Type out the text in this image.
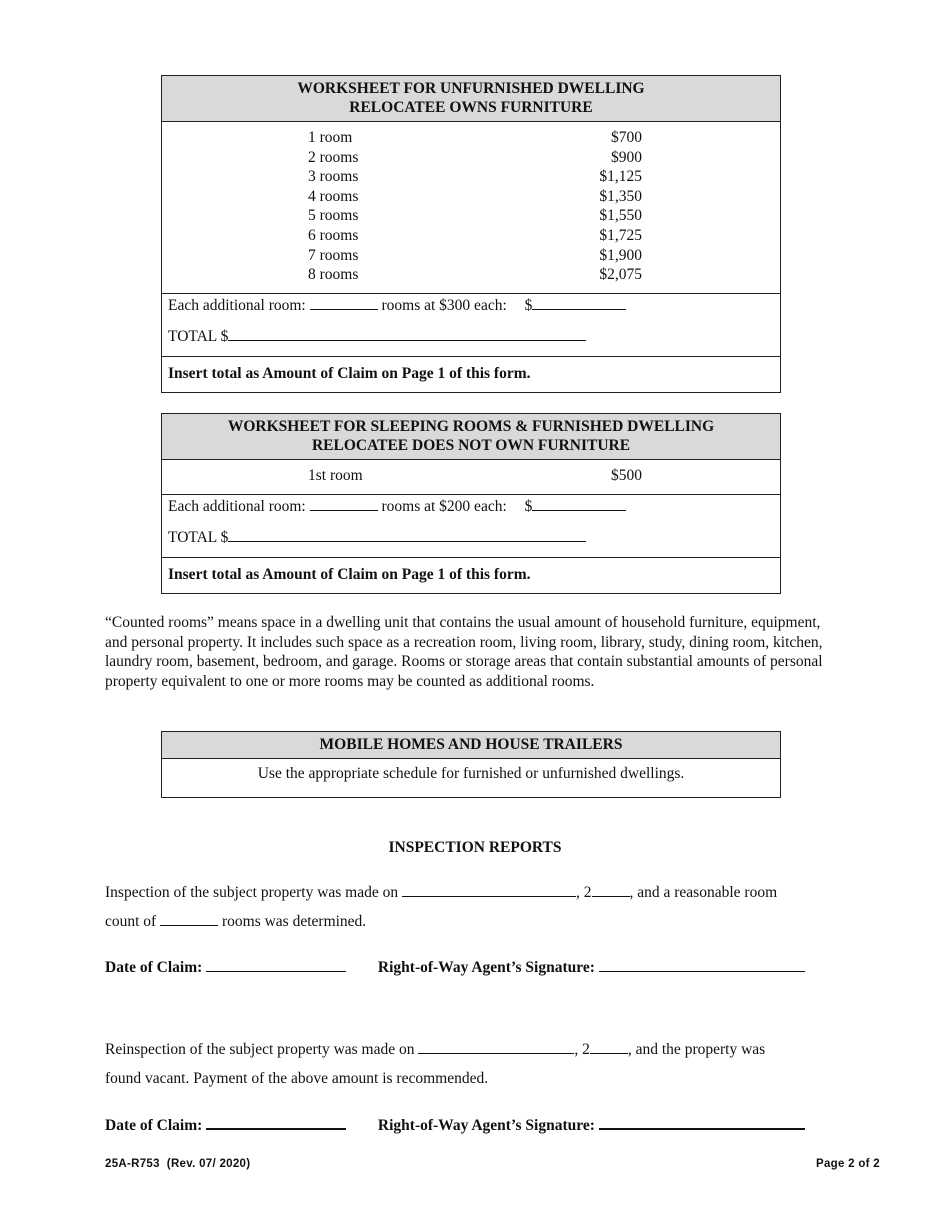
WORKSHEET FOR UNFURNISHED DWELLING
RELOCATEE OWNS FURNITURE
1 room	$700
2 rooms	$900
3 rooms	$1,125
4 rooms	$1,350
5 rooms	$1,550
6 rooms	$1,725
7 rooms	$1,900
8 rooms	$2,075
Each additional room:	rooms at $300 each: $
TOTAL $
Insert total as Amount of Claim on Page 1 of this form.
WORKSHEET FOR SLEEPING ROOMS & FURNISHED DWELLING
RELOCATEE DOES NOT OWN FURNITURE
1st room	$500
Each additional room:	rooms at $200 each: $
TOTAL $
Insert total as Amount of Claim on Page 1 of this form.
“Counted rooms” means space in a dwelling unit that contains the usual amount of household furniture, equipment, and personal property. It includes such space as a recreation room, living room, library, study, dining room, kitchen, laundry room, basement, bedroom, and garage. Rooms or storage areas that contain substantial amounts of personal property equivalent to one or more rooms may be counted as additional rooms.
MOBILE HOMES AND HOUSE TRAILERS
Use the appropriate schedule for furnished or unfurnished dwellings.
INSPECTION REPORTS
Inspection of the subject property was made on	, 2 , and a reasonable room
count of	rooms was determined.
Date of Claim:	Right-of-Way Agent’s Signature:
Reinspection of the subject property was made on	, 2 , and the property was
found vacant. Payment of the above amount is recommended.
Date of Claim:	Right-of-Way Agent’s Signature:
25A-R753  (Rev. 07/ 2020)	Page 2 of 2
